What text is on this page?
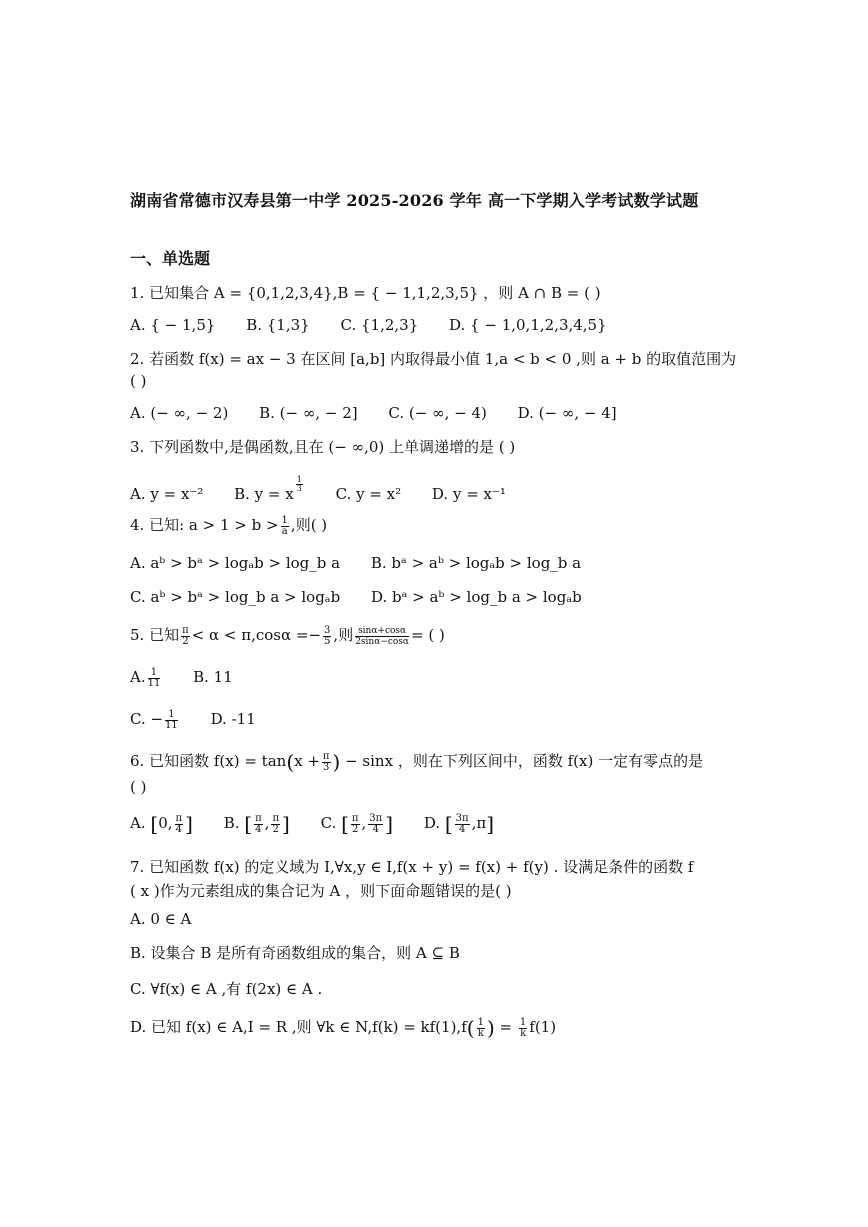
湖南省常德市汉寿县第一中学 2025-2026 学年 高一下学期入学考试数学试题
一、单选题
1. 已知集合 A = {0,1,2,3,4},B = { − 1,1,2,3,5} ，则 A ∩ B = ( )
A. { − 1,5} B. {1,3} C. {1,2,3} D. { − 1,0,1,2,3,4,5}
2. 若函数 f(x) = ax − 3 在区间 [a,b] 内取得最小值 1,a < b < 0 ,则 a + b 的取值范围为
( )
A. (− ∞, − 2) B. (− ∞, − 2] C. (− ∞, − 4) D. (− ∞, − 4]
3. 下列函数中,是偶函数,且在 (− ∞,0) 上单调递增的是 ( )
A. y = x⁻² B. y = x
$\frac{1}{3}$
C. y = x² D. y = x⁻¹
4. 已知: $a > 1 > b > \frac{1}{a}$ ,则( )
A. aᵇ > bᵃ > logₐb > log_b a B. bᵃ > aᵇ > logₐb > log_b a
C. aᵇ > bᵃ > log_b a > logₐb D. bᵃ > aᵇ > log_b a > logₐb
5. 已知 $\frac{\pi}{2} < \alpha < \pi,\cos\alpha =- \frac{3}{5}$ ,则 $\frac{\sin\alpha+\cos\alpha}{2\sin\alpha-\cos\alpha}$ = ( )
A. $\frac{1}{11} B$. 11
C. − $\frac{1}{11} D$. -11
6. 已知函数 $f(x) = \tan(x + \frac{\pi}{3}$ ) − sinx ，则在下列区间中，函数 f(x) 一定有零点的是
( )
A. [0, $\frac{\pi}{4}$ ] B. [ $\frac{\pi}{4}$ , $\frac{\pi}{2}$ ] C. [ $\frac{\pi}{2}$ , $\frac{3\pi}{4}$ ] D. [ $\frac{3\pi}{4} ,\pi$]
7. 已知函数 f(x) 的定义域为 I,∀x,y ∈ I,f(x + y) = f(x) + f(y) . 设满足条件的函数 f
( x )作为元素组成的集合记为 A ，则下面命题错误的是( )
A. 0 ∈ A
B. 设集合 B 是所有奇函数组成的集合，则 A ⊆ B
C. ∀f(x) ∈ A ,有 f(2x) ∈ A .
D. 已知 f(x) ∈ A,I = R ,则 ∀k ∈ $N,f(k) = kf(1),f( \frac{1}{k}$ ) = $\frac{1}{k} f(1)$
